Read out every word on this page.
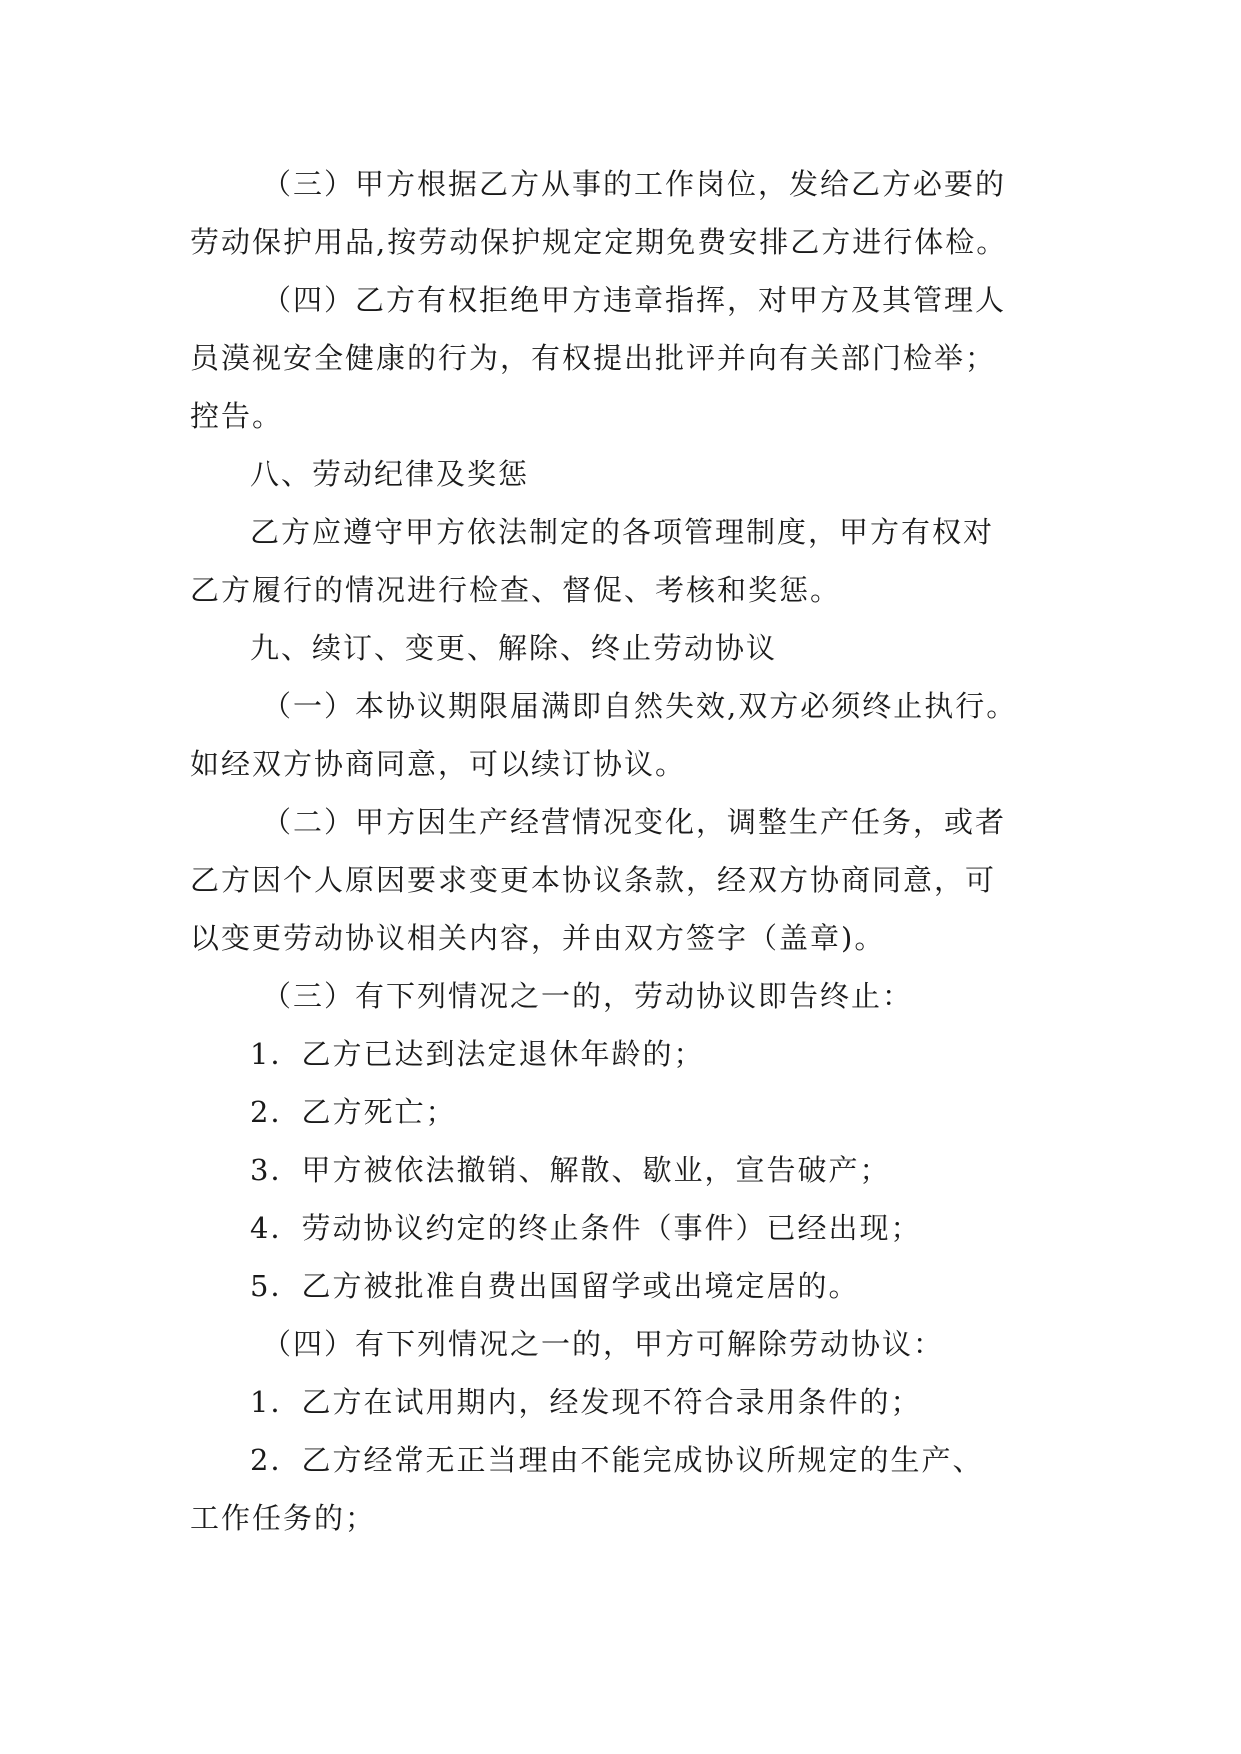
（三）甲方根据乙方从事的工作岗位，发给乙方必要的
劳动保护用品,按劳动保护规定定期免费安排乙方进行体检。
（四）乙方有权拒绝甲方违章指挥，对甲方及其管理人
员漠视安全健康的行为，有权提出批评并向有关部门检举；
控告。
八、劳动纪律及奖惩
乙方应遵守甲方依法制定的各项管理制度，甲方有权对
乙方履行的情况进行检查、督促、考核和奖惩。
九、续订、变更、解除、终止劳动协议
（一）本协议期限届满即自然失效,双方必须终止执行。
如经双方协商同意，可以续订协议。
（二）甲方因生产经营情况变化，调整生产任务，或者
乙方因个人原因要求变更本协议条款，经双方协商同意，可
以变更劳动协议相关内容，并由双方签字（盖章)。
（三）有下列情况之一的，劳动协议即告终止：
1．乙方已达到法定退休年龄的；
2．乙方死亡；
3．甲方被依法撤销、解散、歇业，宣告破产；
4．劳动协议约定的终止条件（事件）已经出现；
5．乙方被批准自费出国留学或出境定居的。
（四）有下列情况之一的，甲方可解除劳动协议：
1．乙方在试用期内，经发现不符合录用条件的；
2．乙方经常无正当理由不能完成协议所规定的生产、
工作任务的；
